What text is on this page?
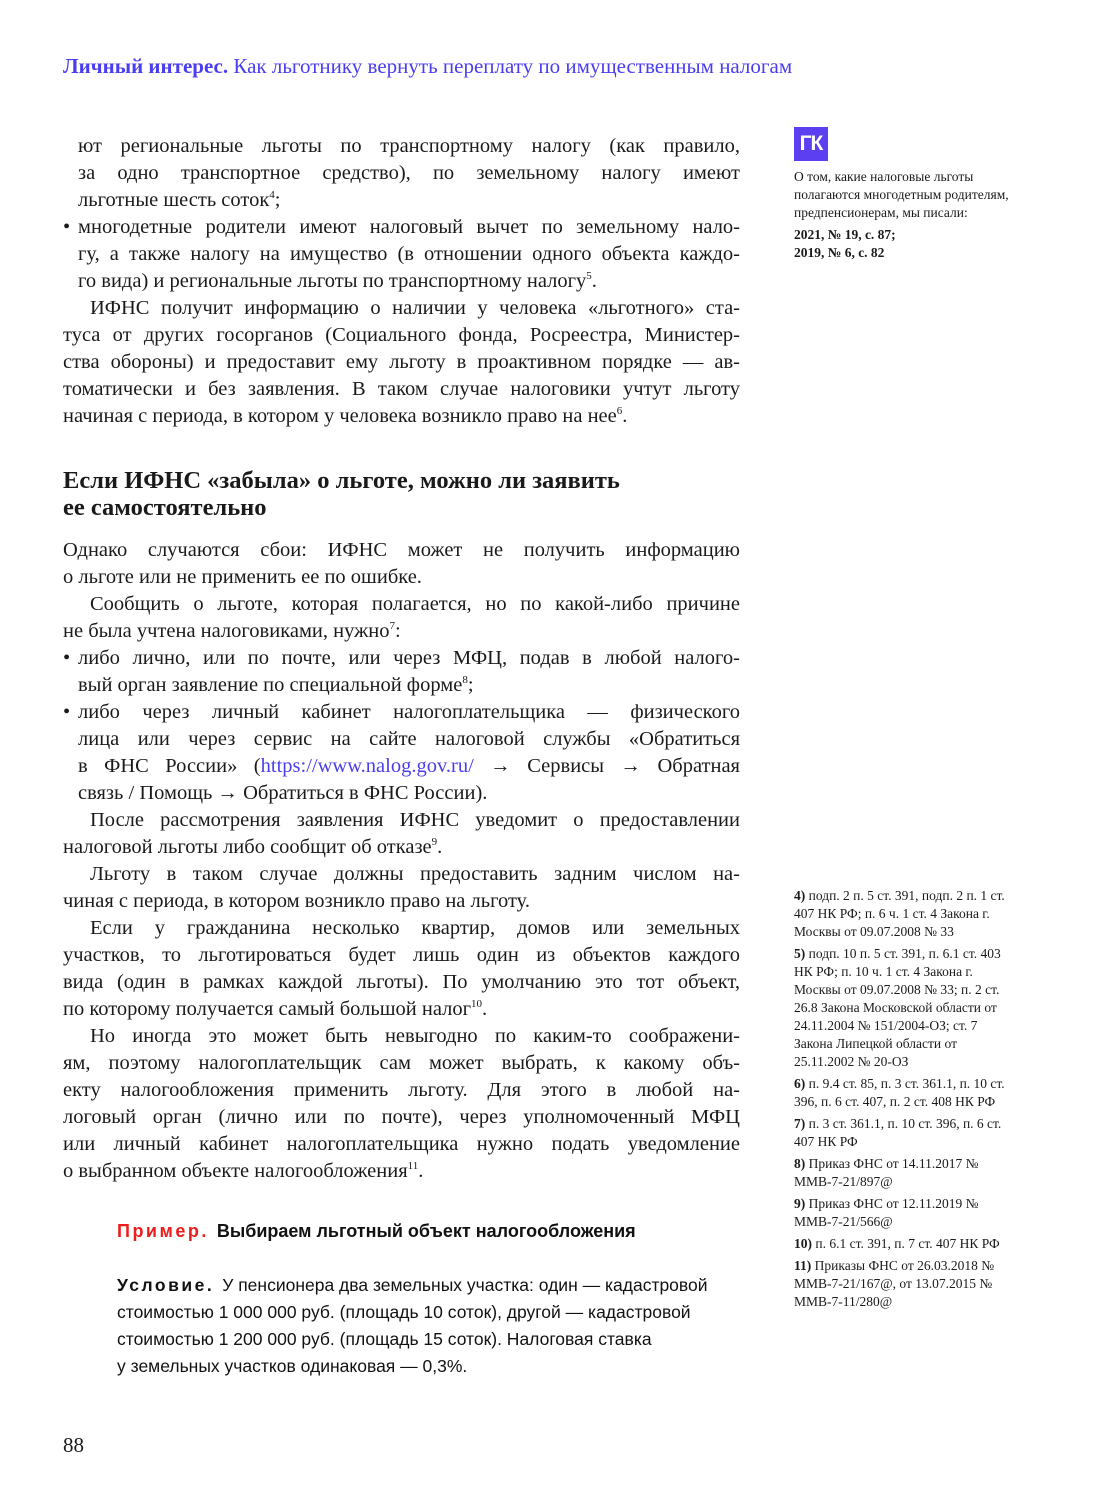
Личный интерес. Как льготнику вернуть переплату по имущественным налогам
ют региональные льготы по транспортному налогу (как правило,
за одно транспортное средство), по земельному налогу имеют
льготные шесть соток$^4$;
• многодетные родители имеют налоговый вычет по земельному нало-
гу, а также налогу на имущество (в отношении одного объекта каждо-
го вида) и региональные льготы по транспортному налогу$^5$.
ИФНС получит информацию о наличии у человека «льготного» ста-
туса от других госорганов (Социального фонда, Росреестра, Министер-
ства обороны) и предоставит ему льготу в проактивном порядке — ав-
томатически и без заявления. В таком случае налоговики учтут льготу
начиная с периода, в котором у человека возникло право на нее$^6$.
Если ИФНС «забыла» о льготе, можно ли заявить
ее самостоятельно
Однако случаются сбои: ИФНС может не получить информацию
о льготе или не применить ее по ошибке.
Сообщить о льготе, которая полагается, но по какой-либо причине
не была учтена налоговиками, нужно$^7$:
• либо лично, или по почте, или через МФЦ, подав в любой налого-
вый орган заявление по специальной форме$^8$;
• либо через личный кабинет налогоплательщика — физического
лица или через сервис на сайте налоговой службы «Обратиться
в ФНС России» (https://www.nalog.gov.ru/ → Сервисы → Обратная
связь / Помощь → Обратиться в ФНС России).
После рассмотрения заявления ИФНС уведомит о предоставлении
налоговой льготы либо сообщит об отказе$^9$.
Льготу в таком случае должны предоставить задним числом на-
чиная с периода, в котором возникло право на льготу.
Если у гражданина несколько квартир, домов или земельных
участков, то льготироваться будет лишь один из объектов каждого
вида (один в рамках каждой льготы). По умолчанию это тот объект,
по которому получается самый большой налог$^{10}$.
Но иногда это может быть невыгодно по каким-то соображени-
ям, поэтому налогоплательщик сам может выбрать, к какому объ-
екту налогообложения применить льготу. Для этого в любой на-
логовый орган (лично или по почте), через уполномоченный МФЦ
или личный кабинет налогоплательщика нужно подать уведомление
о выбранном объекте налогообложения$^{11}$.
Пример. Выбираем льготный объект налогообложения
Условие. У пенсионера два земельных участка: один — кадастровой
стоимостью 1 000 000 руб. (площадь 10 соток), другой — кадастровой
стоимостью 1 200 000 руб. (площадь 15 соток). Налоговая ставка
у земельных участков одинаковая — 0,3%.
ГК
О том, какие налоговые льготы полагаются многодетным родителям, предпенсионерам, мы писали:
2021, № 19, с. 87;
2019, № 6, с. 82
4) подп. 2 п. 5 ст. 391, подп. 2 п. 1 ст. 407 НК РФ; п. 6 ч. 1 ст. 4 Закона г. Москвы от 09.07.2008 № 33
5) подп. 10 п. 5 ст. 391, п. 6.1 ст. 403 НК РФ; п. 10 ч. 1 ст. 4 Закона г. Москвы от 09.07.2008 № 33; п. 2 ст. 26.8 Закона Московской области от 24.11.2004 № 151/2004-ОЗ; ст. 7 Закона Липецкой области от 25.11.2002 № 20-ОЗ
6) п. 9.4 ст. 85, п. 3 ст. 361.1, п. 10 ст. 396, п. 6 ст. 407, п. 2 ст. 408 НК РФ
7) п. 3 ст. 361.1, п. 10 ст. 396, п. 6 ст. 407 НК РФ
8) Приказ ФНС от 14.11.2017 № ММВ-7-21/897@
9) Приказ ФНС от 12.11.2019 № ММВ-7-21/566@
10) п. 6.1 ст. 391, п. 7 ст. 407 НК РФ
11) Приказы ФНС от 26.03.2018 № ММВ-7-21/167@, от 13.07.2015 № ММВ-7-11/280@
88
